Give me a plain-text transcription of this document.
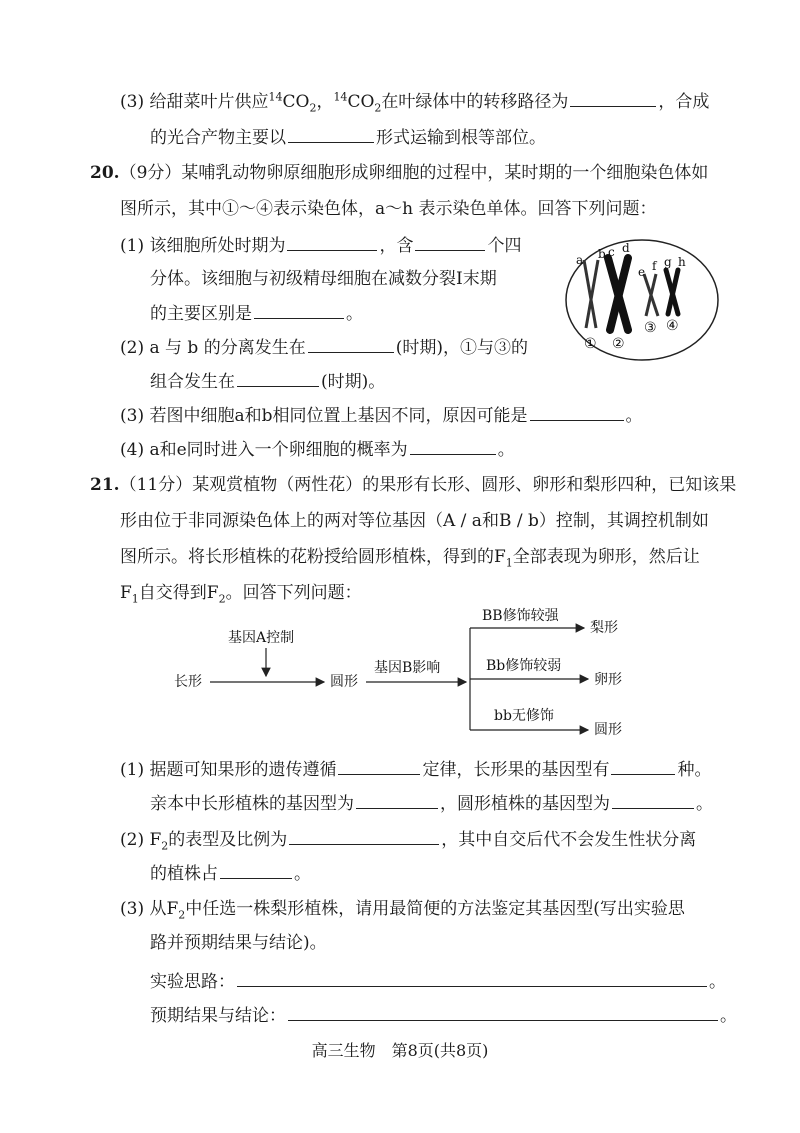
(3) 给甜菜叶片供应$^{14}CO_2$，$^{14}CO_2$在叶绿体中的转移路径为	，合成
的光合产物主要以	形式运输到根等部位。
20.（9分）某哺乳动物卵原细胞形成卵细胞的过程中，某时期的一个细胞染色体如
图所示，其中①～④表示染色体，a～h 表示染色单体。回答下列问题：
(1) 该细胞所处时期为	，含	个四
分体。该细胞与初级精母细胞在减数分裂Ⅰ末期
的主要区别是	。
(2) a 与 b 的分离发生在	(时期)，①与③的
组合发生在	(时期)。
(3) 若图中细胞a和b相同位置上基因不同，原因可能是	。
(4) a和e同时进入一个卵细胞的概率为	。
a b c d
e f g h
① ②
③ ④
21.（11分）某观赏植物（两性花）的果形有长形、圆形、卵形和梨形四种，已知该果
形由位于非同源染色体上的两对等位基因（A / a和B / b）控制，其调控机制如
图所示。将长形植株的花粉授给圆形植株，得到的$F_1$全部表现为卵形，然后让
$F_1$自交得到$F_2$。回答下列问题：
基因A控制
长形	圆形
基因B影响
BB修饰较强
梨形
Bb修饰较弱
卵形
bb无修饰
圆形
(1) 据题可知果形的遗传遵循	定律，长形果的基因型有	种。
亲本中长形植株的基因型为	，圆形植株的基因型为	。
(2) $F_2$的表型及比例为	，其中自交后代不会发生性状分离
的植株占	。
(3) 从$F_2$中任选一株梨形植株，请用最简便的方法鉴定其基因型(写出实验思
路并预期结果与结论)。
实验思路：	。
预期结果与结论：	。
高三生物　第8页(共8页)
